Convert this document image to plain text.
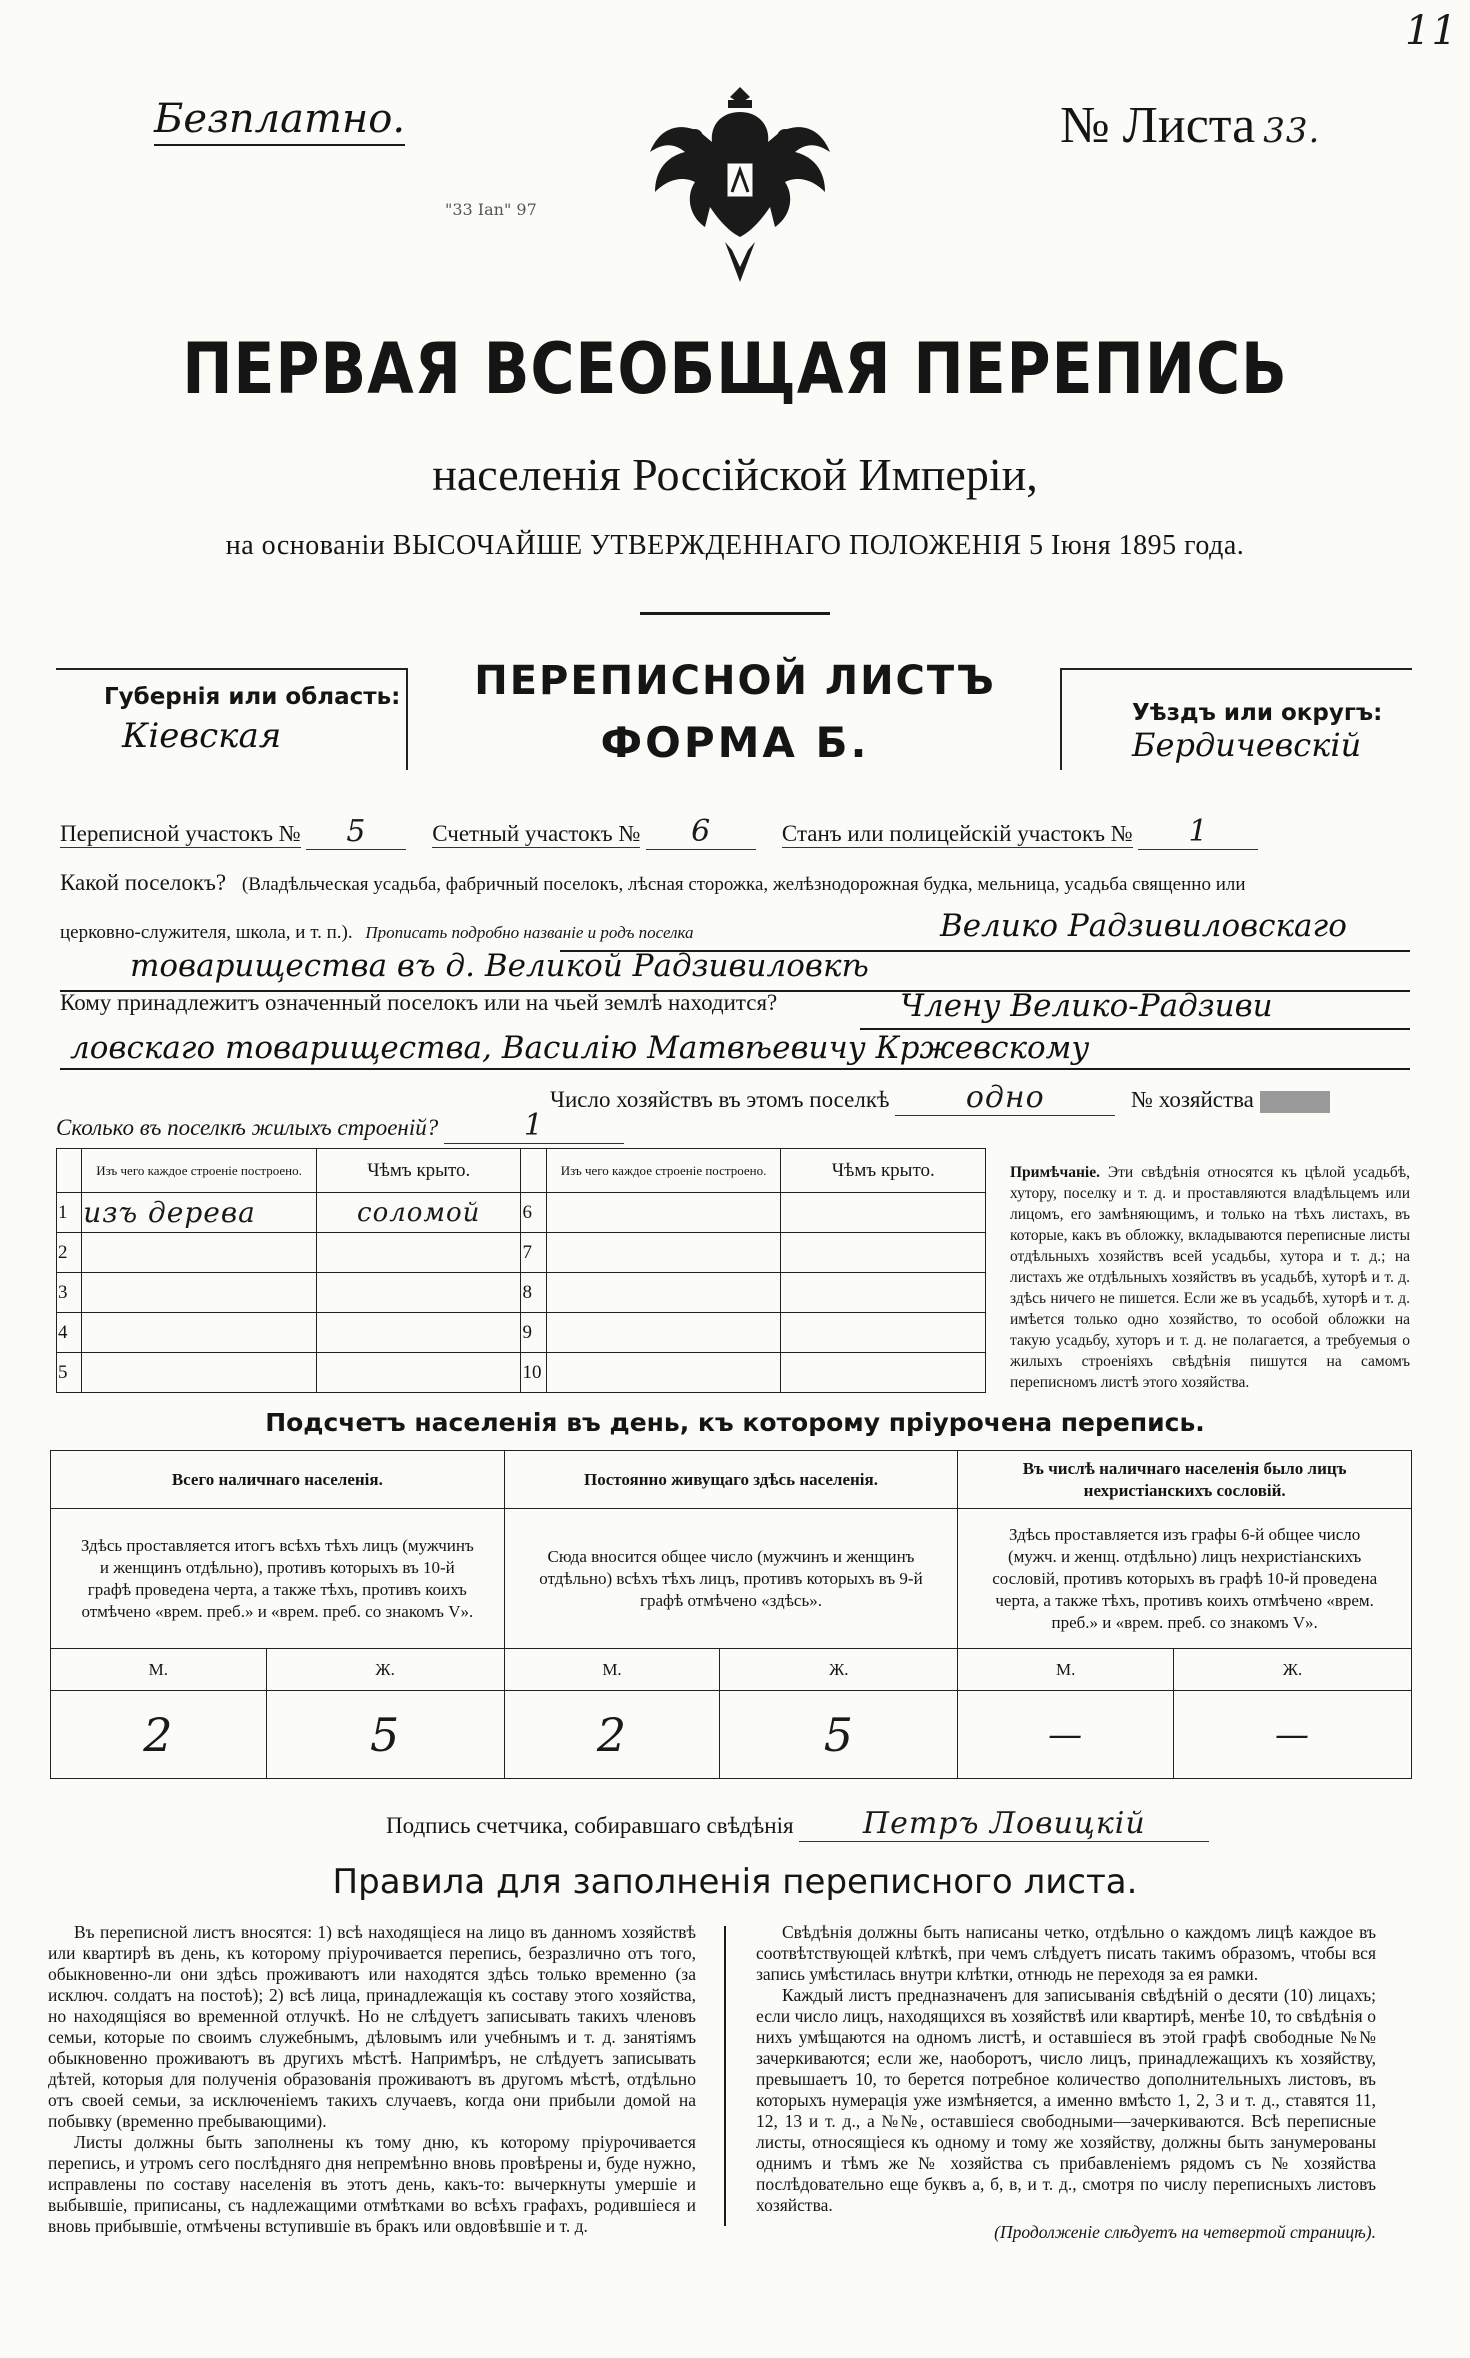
Безплатно.
11
№ Листа 33.
"33 Ian" 97
ПЕРВАЯ ВСЕОБЩАЯ ПЕРЕПИСЬ
населенія Россійской Имперіи,
на основаніи ВЫСОЧАЙШЕ УТВЕРЖДЕННАГО ПОЛОЖЕНІЯ 5 Іюня 1895 года.
Губернія или область:
Кіевская
ПЕРЕПИСНОЙ ЛИСТЪ
ФОРМА Б.
Уѣздъ или округъ:
Бердичевскій
Переписной участокъ № 5	Счетный участокъ № 6	Станъ или полицейскій участокъ № 1
Какой поселокъ? (Владѣльческая усадьба, фабричный поселокъ, лѣсная сторожка, желѣзнодорожная будка, мельница, усадьба священно или
церковно-служителя, школа, и т. п.). Прописать подробно названіе и родъ поселка	Велико Радзивиловскаго
товарищества въ д. Великой Радзивиловкѣ
Кому принадлежитъ означенный поселокъ или на чьей землѣ находится?	Члену Велико-Радзиви
ловскаго товарищества, Василію Матвѣевичу Кржевскому
Число хозяйствъ въ этомъ поселкѣ	одно	№ хозяйства
Сколько въ поселкѣ жилыхъ строеній?	1
	Изъ чего каждое строеніе построено.	Чѣмъ крыто.		Изъ чего каждое строеніе построено.	Чѣмъ крыто.
1	изъ дерева	соломой	6		
2			7		
3			8		
4			9		
5			10		
Примѣчаніе. Эти свѣдѣнія относятся къ цѣлой усадьбѣ, хутору, поселку и т. д. и проставляются владѣльцемъ или лицомъ, его замѣняющимъ, и только на тѣхъ листахъ, въ которые, какъ въ обложку, вкладываются переписные листы отдѣльныхъ хозяйствъ всей усадьбы, хутора и т. д.; на листахъ же отдѣльныхъ хозяйствъ въ усадьбѣ, хуторѣ и т. д. здѣсь ничего не пишется. Если же въ усадьбѣ, хуторѣ и т. д. имѣется только одно хозяйство, то особой обложки на такую усадьбу, хуторъ и т. д. не полагается, а требуемыя о жилыхъ строеніяхъ свѣдѣнія пишутся на самомъ переписномъ листѣ этого хозяйства.
Подсчетъ населенія въ день, къ которому пріурочена перепись.
Всего наличнаго населенія.		Постоянно живущаго здѣсь населенія.		Въ числѣ наличнаго населенія было лицъ нехристіанскихъ сословій.	
Здѣсь проставляется итогъ всѣхъ тѣхъ лицъ (мужчинъ и женщинъ отдѣльно), противъ которыхъ въ 10-й графѣ проведена черта, а также тѣхъ, противъ коихъ отмѣчено «врем. преб.» и «врем. преб. со знакомъ V».		Сюда вносится общее число (мужчинъ и женщинъ отдѣльно) всѣхъ тѣхъ лицъ, противъ которыхъ въ 9-й графѣ отмѣчено «здѣсь».		Здѣсь проставляется изъ графы 6-й общее число (мужч. и женщ. отдѣльно) лицъ нехристіанскихъ сословій, противъ которыхъ въ графѣ 10-й проведена черта, а также тѣхъ, противъ коихъ отмѣчено «врем. преб.» и «врем. преб. со знакомъ V».	
М.	Ж.	М.	Ж.	М.	Ж.
2	5	2	5	—	—
Подпись счетчика, собиравшаго свѣдѣнія Петръ Ловицкій
Правила для заполненія переписного листа.

Въ переписной листъ вносятся: 1) всѣ находящіеся на лицо въ данномъ хозяйствѣ или квартирѣ въ день, къ которому пріурочивается перепись, безразлично отъ того, обыкновенно-ли они здѣсь проживаютъ или находятся здѣсь только временно (за исключ. солдатъ на постоѣ); 2) всѣ лица, принадлежащія къ составу этого хозяйства, но находящіяся во временной отлучкѣ. Но не слѣдуетъ записывать такихъ членовъ семьи, которые по своимъ служебнымъ, дѣловымъ или учебнымъ и т. д. занятіямъ обыкновенно проживаютъ въ другихъ мѣстѣ. Напримѣръ, не слѣдуетъ записывать дѣтей, которыя для полученія образованія проживаютъ въ другомъ мѣстѣ, отдѣльно отъ своей семьи, за исключеніемъ такихъ случаевъ, когда они прибыли домой на побывку (временно пребывающими).

Листы должны быть заполнены къ тому дню, къ которому пріурочивается перепись, и утромъ сего послѣдняго дня непремѣнно вновь провѣрены и, буде нужно, исправлены по составу населенія въ этотъ день, какъ-то: вычеркнуты умершіе и выбывшіе, приписаны, съ надлежащими отмѣтками во всѣхъ графахъ, родившіеся и вновь прибывшіе, отмѣчены вступившіе въ бракъ или овдовѣвшіе и т. д.

Свѣдѣнія должны быть написаны четко, отдѣльно о каждомъ лицѣ каждое въ соотвѣтствующей клѣткѣ, при чемъ слѣдуетъ писать такимъ образомъ, чтобы вся запись умѣстилась внутри клѣтки, отнюдь не переходя за ея рамки.

Каждый листъ предназначенъ для записыванія свѣдѣній о десяти (10) лицахъ; если число лицъ, находящихся въ хозяйствѣ или квартирѣ, менѣе 10, то свѣдѣнія о нихъ умѣщаются на одномъ листѣ, и оставшіеся въ этой графѣ свободные №№ зачеркиваются; если же, наоборотъ, число лицъ, принадлежащихъ къ хозяйству, превышаетъ 10, то берется потребное количество дополнительныхъ листовъ, въ которыхъ нумерація уже измѣняется, а именно вмѣсто 1, 2, 3 и т. д., ставятся 11, 12, 13 и т. д., а №№, оставшіеся свободными—зачеркиваются. Всѣ переписные листы, относящіеся къ одному и тому же хозяйству, должны быть занумерованы однимъ и тѣмъ же № хозяйства съ прибавленіемъ рядомъ съ № хозяйства послѣдовательно еще буквъ а, б, в, и т. д., смотря по числу переписныхъ листовъ хозяйства.

(Продолженіе слѣдуетъ на четвертой страницѣ).
